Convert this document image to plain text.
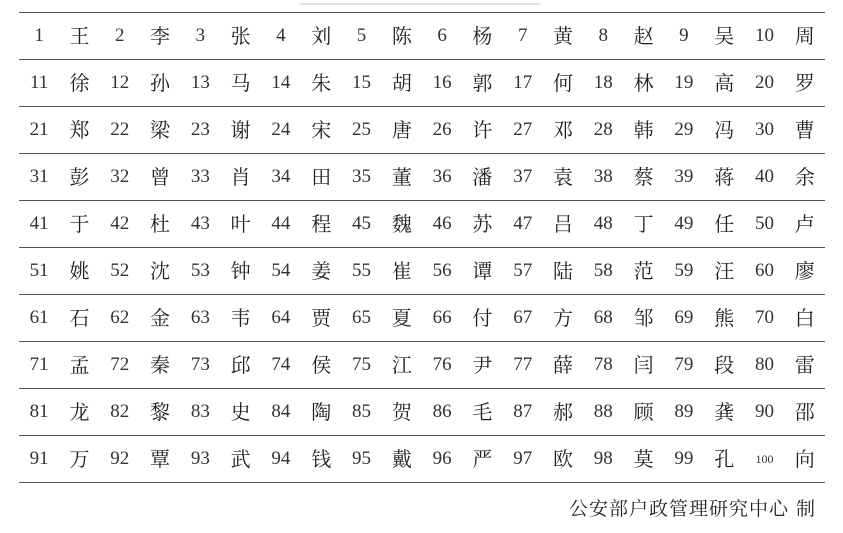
1	王	2	李	3	张	4	刘	5	陈	6	杨	7	黄	8	赵	9	吴	10	周
11	徐	12	孙	13	马	14	朱	15	胡	16	郭	17	何	18	林	19	高	20	罗
21	郑	22	梁	23	谢	24	宋	25	唐	26	许	27	邓	28	韩	29	冯	30	曹
31	彭	32	曾	33	肖	34	田	35	董	36	潘	37	袁	38	蔡	39	蒋	40	余
41	于	42	杜	43	叶	44	程	45	魏	46	苏	47	吕	48	丁	49	任	50	卢
51	姚	52	沈	53	钟	54	姜	55	崔	56	谭	57	陆	58	范	59	汪	60	廖
61	石	62	金	63	韦	64	贾	65	夏	66	付	67	方	68	邹	69	熊	70	白
71	孟	72	秦	73	邱	74	侯	75	江	76	尹	77	薛	78	闫	79	段	80	雷
81	龙	82	黎	83	史	84	陶	85	贺	86	毛	87	郝	88	顾	89	龚	90	邵
91	万	92	覃	93	武	94	钱	95	戴	96	严	97	欧	98	莫	99	孔	100	向
公安部户政管理研究中心 制
